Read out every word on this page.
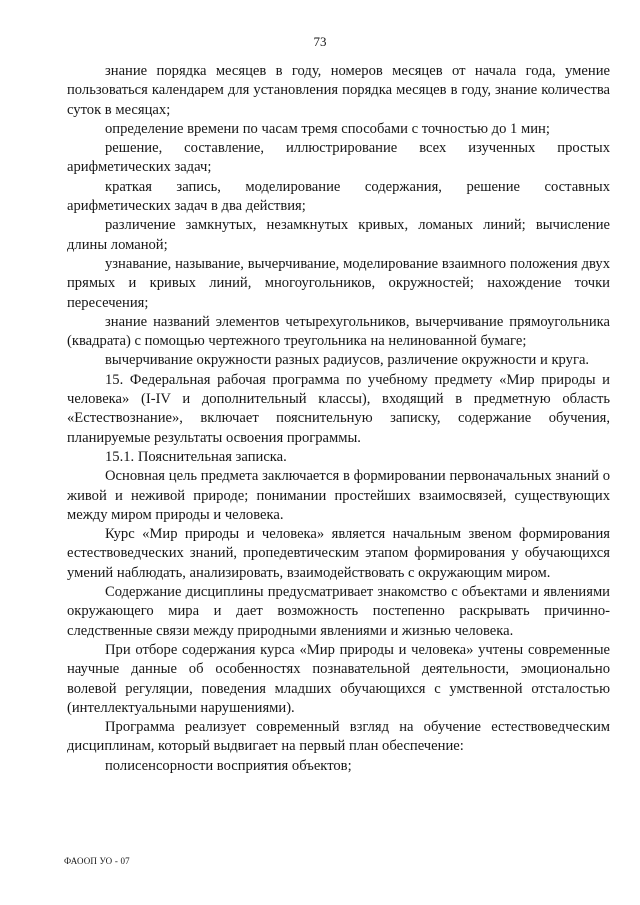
73

знание порядка месяцев в году, номеров месяцев от начала года, умение пользоваться календарем для установления порядка месяцев в году, знание количества суток в месяцах;

определение времени по часам тремя способами с точностью до 1 мин;

решение, составление, иллюстрирование всех изученных простых арифметических задач;

краткая запись, моделирование содержания, решение составных арифметических задач в два действия;

различение замкнутых, незамкнутых кривых, ломаных линий; вычисление длины ломаной;

узнавание, называние, вычерчивание, моделирование взаимного положения двух прямых и кривых линий, многоугольников, окружностей; нахождение точки пересечения;

знание названий элементов четырехугольников, вычерчивание прямоугольника (квадрата) с помощью чертежного треугольника на нелинованной бумаге;

вычерчивание окружности разных радиусов, различение окружности и круга.

15. Федеральная рабочая программа по учебному предмету «Мир природы и человека» (I-IV и дополнительный классы), входящий в предметную область «Естествознание», включает пояснительную записку, содержание обучения, планируемые результаты освоения программы.

15.1. Пояснительная записка.

Основная цель предмета заключается в формировании первоначальных знаний о живой и неживой природе; понимании простейших взаимосвязей, существующих между миром природы и человека.

Курс «Мир природы и человека» является начальным звеном формирования естествоведческих знаний, пропедевтическим этапом формирования у обучающихся умений наблюдать, анализировать, взаимодействовать с окружающим миром.

Содержание дисциплины предусматривает знакомство с объектами и явлениями окружающего мира и дает возможность постепенно раскрывать причинно-следственные связи между природными явлениями и жизнью человека.

При отборе содержания курса «Мир природы и человека» учтены современные научные данные об особенностях познавательной деятельности, эмоционально волевой регуляции, поведения младших обучающихся с умственной отсталостью (интеллектуальными нарушениями).

Программа реализует современный взгляд на обучение естествоведческим дисциплинам, который выдвигает на первый план обеспечение:

полисенсорности восприятия объектов;

ФАООП УО - 07
